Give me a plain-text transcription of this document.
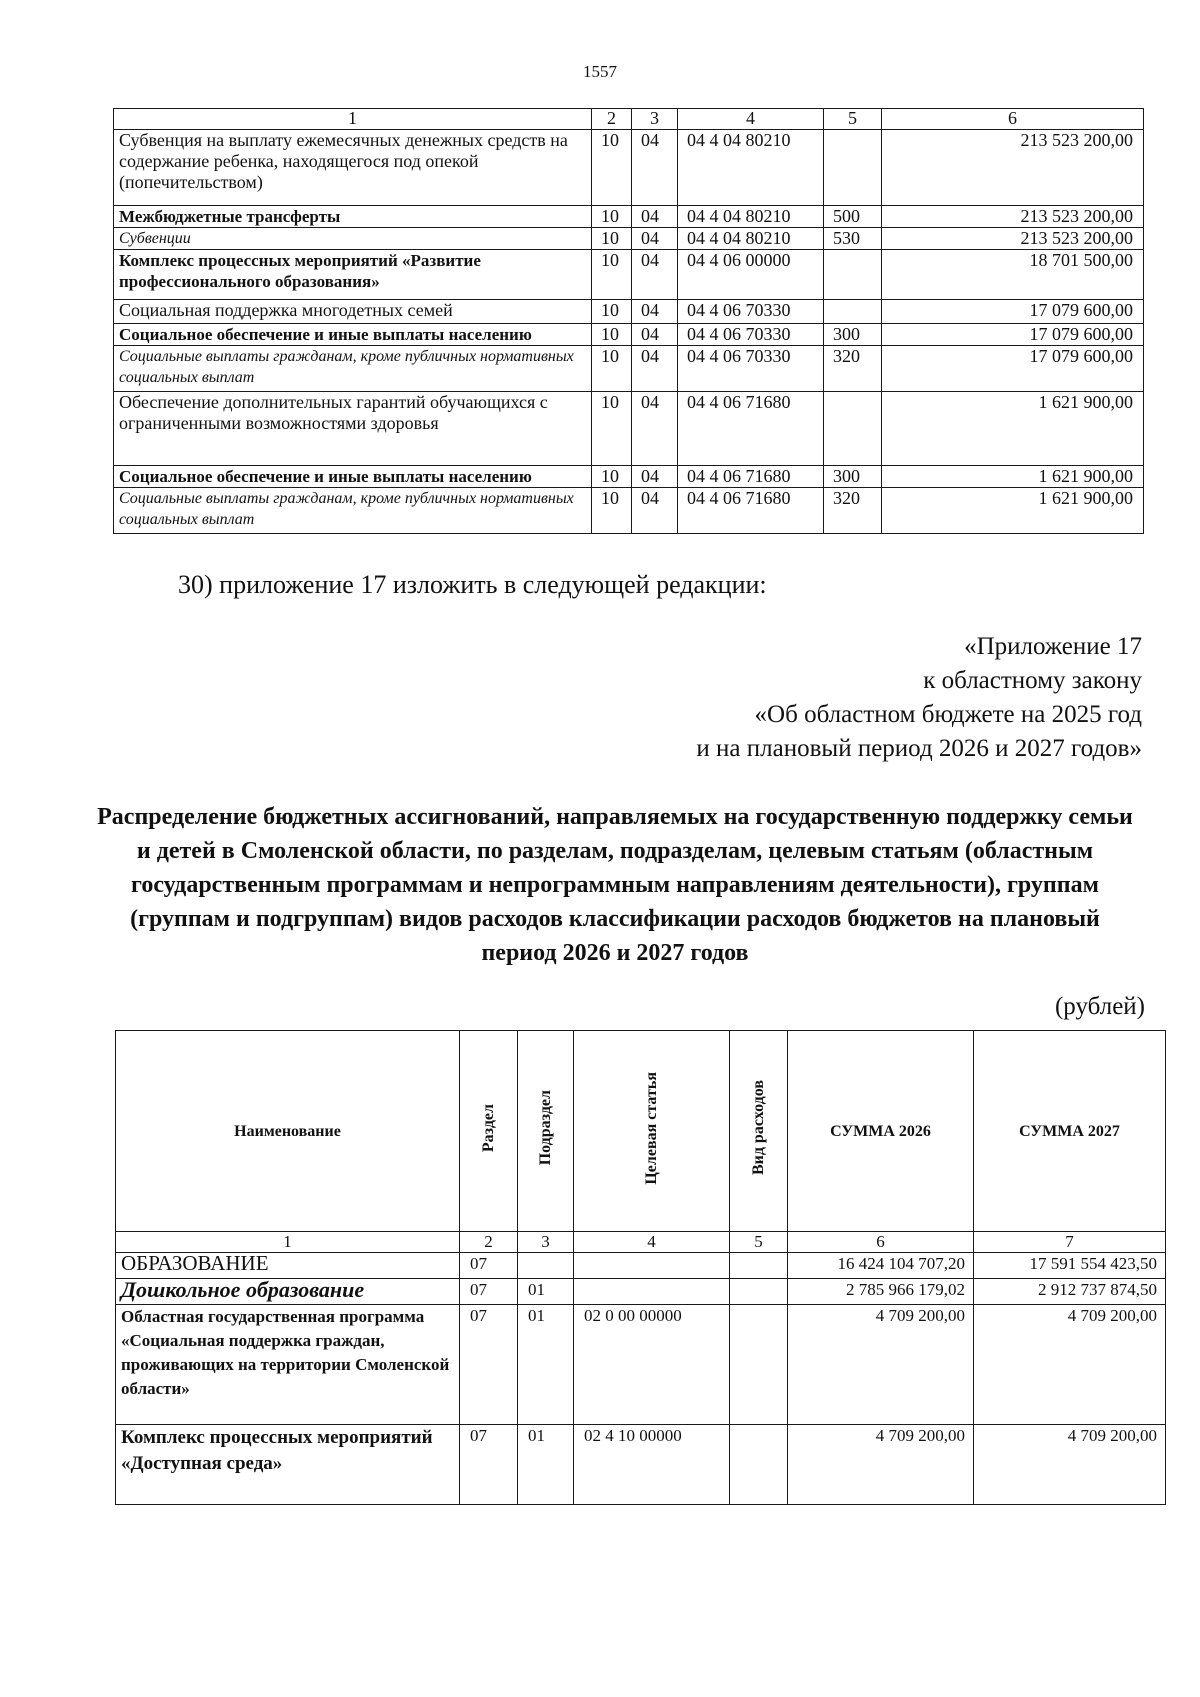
1557
1	2	3	4	5	6
Субвенция на выплату ежемесячных денежных средств на содержание ребенка, находящегося под опекой (попечительством)	10	04	04 4 04 80210		213 523 200,00
Межбюджетные трансферты	10	04	04 4 04 80210	500	213 523 200,00
Субвенции	10	04	04 4 04 80210	530	213 523 200,00
Комплекс процессных мероприятий «Развитие профессионального образования»	10	04	04 4 06 00000		18 701 500,00
Социальная поддержка многодетных семей	10	04	04 4 06 70330		17 079 600,00
Социальное обеспечение и иные выплаты населению	10	04	04 4 06 70330	300	17 079 600,00
Социальные выплаты гражданам, кроме публичных нормативных социальных выплат	10	04	04 4 06 70330	320	17 079 600,00
Обеспечение дополнительных гарантий обучающихся с ограниченными возможностями здоровья	10	04	04 4 06 71680		1 621 900,00
Социальное обеспечение и иные выплаты населению	10	04	04 4 06 71680	300	1 621 900,00
Социальные выплаты гражданам, кроме публичных нормативных социальных выплат	10	04	04 4 06 71680	320	1 621 900,00
30) приложение 17 изложить в следующей редакции:
«Приложение 17
к областному закону
«Об областном бюджете на 2025 год
и на плановый период 2026 и 2027 годов»
Распределение бюджетных ассигнований, направляемых на государственную поддержку семьи и детей в Смоленской области, по разделам, подразделам, целевым статьям (областным государственным программам и непрограммным направлениям деятельности), группам (группам и подгруппам) видов расходов классификации расходов бюджетов на плановый период 2026 и 2027 годов
(рублей)
Наименование	Раздел	Подраздел	Целевая статья	Вид расходов	СУММА 2026	СУММА 2027
1	2	3	4	5	6	7
ОБРАЗОВАНИЕ	07				16 424 104 707,20	17 591 554 423,50
Дошкольное образование	07	01			2 785 966 179,02	2 912 737 874,50
Областная государственная программа «Социальная поддержка граждан, проживающих на территории Смоленской области»	07	01	02 0 00 00000		4 709 200,00	4 709 200,00
Комплекс процессных мероприятий «Доступная среда»	07	01	02 4 10 00000		4 709 200,00	4 709 200,00
